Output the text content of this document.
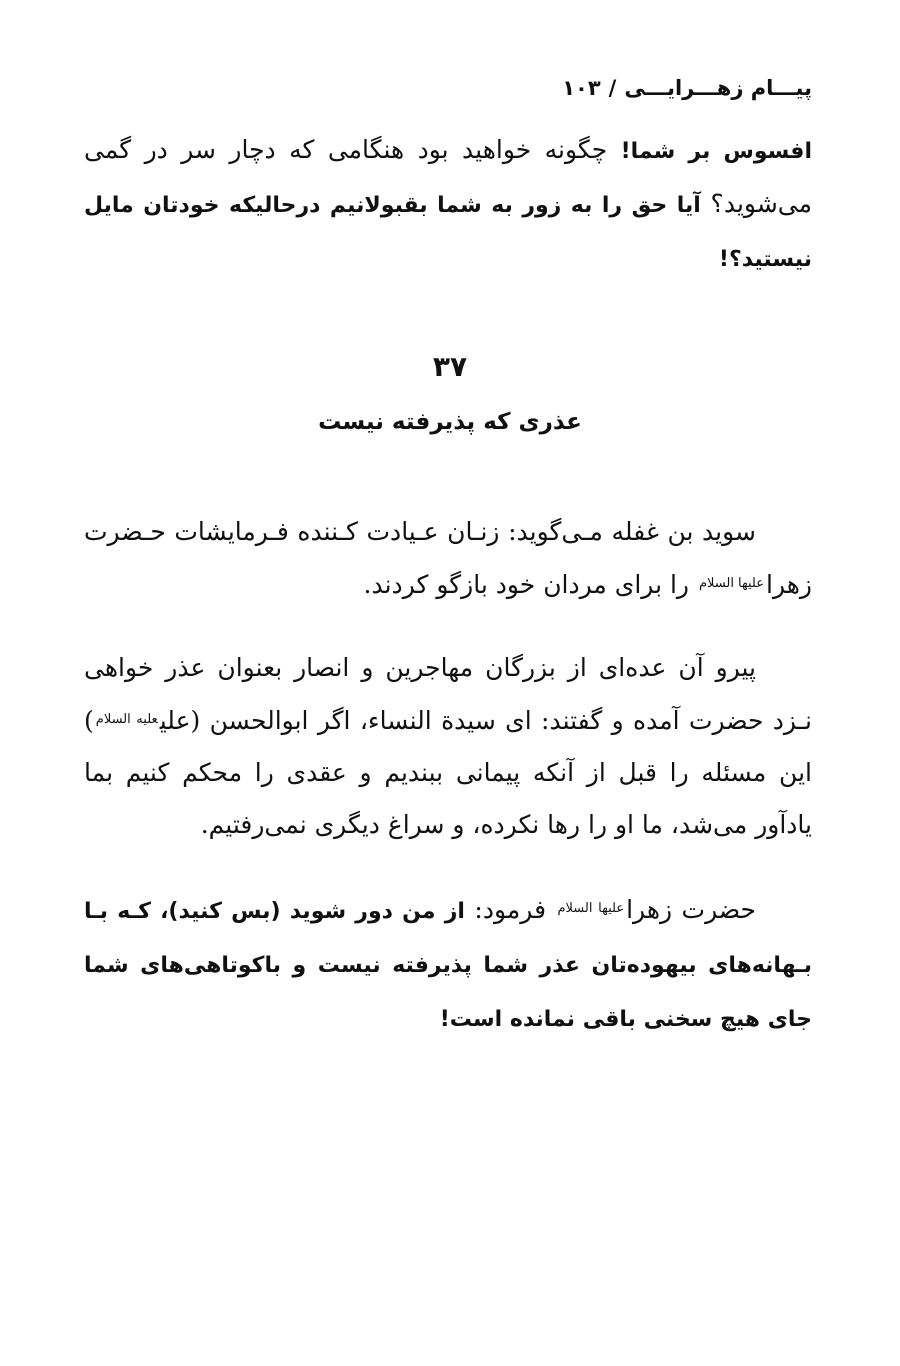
پیـــام زهـــرایـــی/۱۰۳
افسوس بر شما! چگونه خواهید بود هنگامی که دچار سر در گمی می‌شوید؟ آیا حق را به زور به شما بقبولانیم درحالیکه خودتان مایل نیستید؟!
۳۷
عذری که پذیرفته نیست
سوید بن غفله مـی‌گوید: زنـان عـیادت کـننده فـرمایشات حـضرت زهرا$^{عليها السلام}$ را برای مردان خود بازگو کردند.
پیرو آن عده‌ای از بزرگان مهاجرین و انصار بعنوان عذر خواهی نـزد حضرت آمده و گفتند: ای سیدة النساء، اگر ابوالحسن (علی$^{عليه السلام}$) این مسئله را قبل از آنکه پیمانی ببندیم و عقدی را محکم کنیم بما یادآور می‌شد، ما او را رها نکرده، و سراغ دیگری نمی‌رفتیم.
حضرت زهرا$^{عليها السلام}$ فرمود: از من دور شوید (بس کنید)، کـه بـا بـهانه‌های بیهوده‌تان عذر شما پذیرفته نیست و باکوتاهی‌های شما جای هیچ سخنی باقی نمانده است!
